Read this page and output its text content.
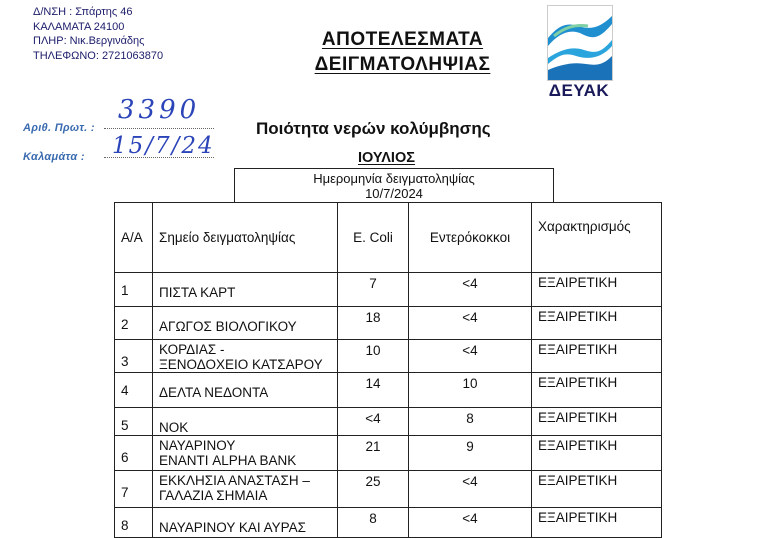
Δ/ΝΣΗ : Σπάρτης 46
ΚΑΛΑΜΑΤΑ 24100
ΠΛΗΡ: Νικ.Βεργινάδης
ΤΗΛΕΦΩΝΟ: 2721063870
ΑΠΟΤΕΛΕΣΜΑΤΑ
ΔΕΙΓΜΑΤΟΛΗΨΙΑΣ
ΔΕΥΑΚ
Αριθ. Πρωτ. :
3390
Καλαμάτα : 15/7/24
Ποιότητα νερών κολύμβησης
ΙΟΥΛΙΟΣ
Ημερομηνία δειγματοληψίας
10/7/2024
Α/Α	Σημείο δειγματοληψίας	E. Coli	Εντερόκοκκοι	Χαρακτηρισμός

1	ΠΙΣΤΑ ΚΑΡΤ	7	<4	ΕΞΑΙΡΕΤΙΚΗ

2	ΑΓΩΓΟΣ ΒΙΟΛΟΓΙΚΟΥ	18	<4	ΕΞΑΙΡΕΤΙΚΗ

3	ΚΟΡΔΙΑΣ -
ΞΕΝΟΔΟΧΕΙΟ ΚΑΤΣΑΡΟΥ	10	<4	ΕΞΑΙΡΕΤΙΚΗ

4	ΔΕΛΤΑ ΝΕΔΟΝΤΑ	14	10	ΕΞΑΙΡΕΤΙΚΗ

5	ΝΟΚ	<4	8	ΕΞΑΙΡΕΤΙΚΗ

6	ΝΑΥΑΡΙΝΟΥ
ΕΝΑΝΤΙ ALPHA BANK	21	9	ΕΞΑΙΡΕΤΙΚΗ

7	ΕΚΚΛΗΣΙΑ ΑΝΑΣΤΑΣΗ –
ΓΑΛΑΖΙΑ ΣΗΜΑΙΑ	25	<4	ΕΞΑΙΡΕΤΙΚΗ

8	ΝΑΥΑΡΙΝΟΥ ΚΑΙ ΑΥΡΑΣ	8	<4	ΕΞΑΙΡΕΤΙΚΗ
